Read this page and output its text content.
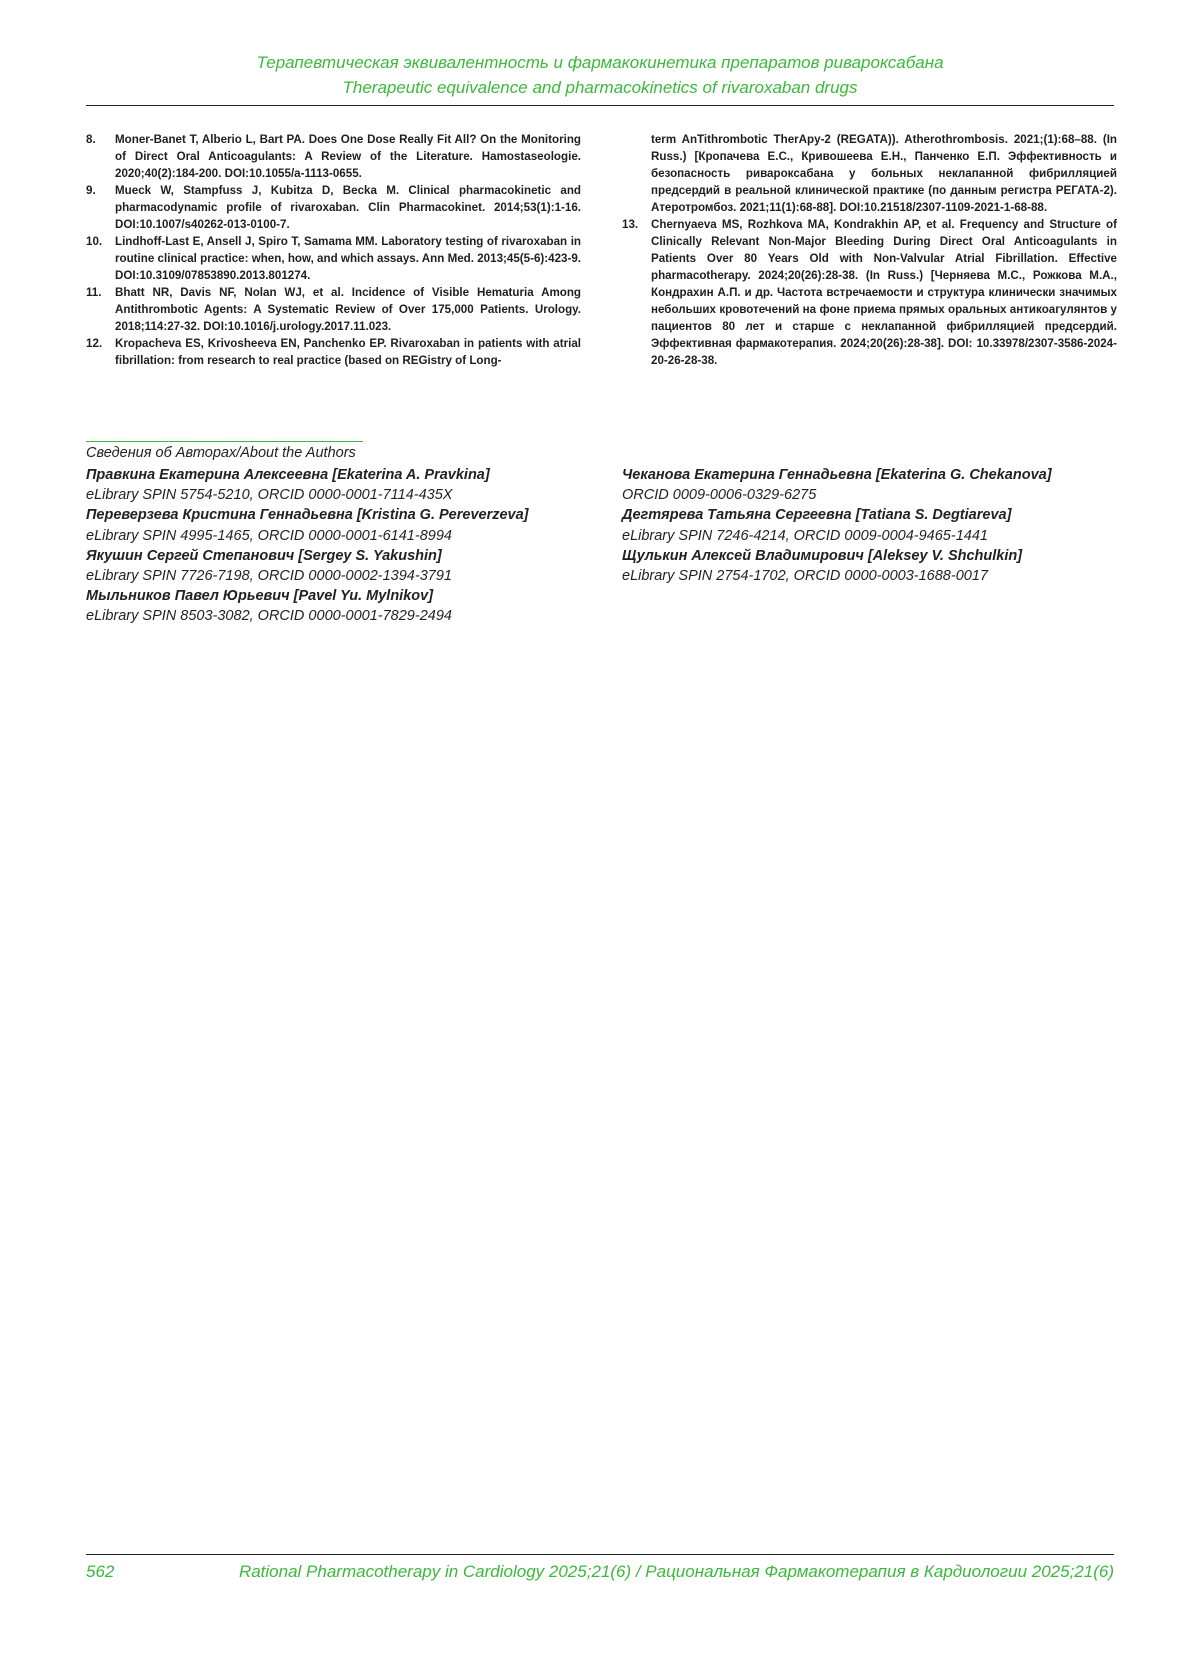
Терапевтическая эквивалентность и фармакокинетика препаратов ривароксабана
Therapeutic equivalence and pharmacokinetics of rivaroxaban drugs
8. Moner-Banet T, Alberio L, Bart PA. Does One Dose Really Fit All? On the Monitoring of Direct Oral Anticoagulants: A Review of the Literature. Hamostaseologie. 2020;40(2):184-200. DOI:10.1055/a-1113-0655.
9. Mueck W, Stampfuss J, Kubitza D, Becka M. Clinical pharmacokinetic and pharmacodynamic profile of rivaroxaban. Clin Pharmacokinet. 2014;53(1):1-16. DOI:10.1007/s40262-013-0100-7.
10. Lindhoff-Last E, Ansell J, Spiro T, Samama MM. Laboratory testing of rivaroxaban in routine clinical practice: when, how, and which assays. Ann Med. 2013;45(5-6):423-9. DOI:10.3109/07853890.2013.801274.
11. Bhatt NR, Davis NF, Nolan WJ, et al. Incidence of Visible Hematuria Among Antithrombotic Agents: A Systematic Review of Over 175,000 Patients. Urology. 2018;114:27-32. DOI:10.1016/j.urology.2017.11.023.
12. Kropacheva ES, Krivosheeva EN, Panchenko EP. Rivaroxaban in patients with atrial fibrillation: from research to real practice (based on REGistry of Long-
term AnTithrombotic TherApy-2 (REGATA)). Atherothrombosis. 2021;(1):68–88. (In Russ.) [Кропачева Е.С., Кривошеева Е.Н., Панченко Е.П. Эффективность и безопасность ривароксабана у больных неклапанной фибрилляцией предсердий в реальной клинической практике (по данным регистра РЕГАТА-2). Атеротромбоз. 2021;11(1):68-88]. DOI:10.21518/2307-1109-2021-1-68-88.
13. Chernyaeva MS, Rozhkova MA, Kondrakhin AP, et al. Frequency and Structure of Clinically Relevant Non-Major Bleeding During Direct Oral Anticoagulants in Patients Over 80 Years Old with Non-Valvular Atrial Fibrillation. Effective pharmacotherapy. 2024;20(26):28-38. (In Russ.) [Черняева М.С., Рожкова М.А., Кондрахин А.П. и др. Частота встречаемости и структура клинически значимых небольших кровотечений на фоне приема прямых оральных антикоагулянтов у пациентов 80 лет и старше с неклапанной фибрилляцией предсердий. Эффективная фармакотерапия. 2024;20(26):28-38]. DOI: 10.33978/2307-3586-2024-20-26-28-38.
Сведения об Авторах/About the Authors
Правкина Екатерина Алексеевна [Ekaterina A. Pravkina]
eLibrary SPIN 5754-5210, ORCID 0000-0001-7114-435X
Переверзева Кристина Геннадьевна [Kristina G. Pereverzeva]
eLibrary SPIN 4995-1465, ORCID 0000-0001-6141-8994
Якушин Сергей Степанович [Sergey S. Yakushin]
eLibrary SPIN 7726-7198, ORCID 0000-0002-1394-3791
Мыльников Павел Юрьевич [Pavel Yu. Mylnikov]
eLibrary SPIN 8503-3082, ORCID 0000-0001-7829-2494
Чеканова Екатерина Геннадьевна [Ekaterina G. Chekanova]
ORCID 0009-0006-0329-6275
Дегтярева Татьяна Сергеевна [Tatiana S. Degtiareva]
eLibrary SPIN 7246-4214, ORCID 0009-0004-9465-1441
Щулькин Алексей Владимирович [Aleksey V. Shchulkin]
eLibrary SPIN 2754-1702, ORCID 0000-0003-1688-0017
562	Rational Pharmacotherapy in Cardiology 2025;21(6) / Рациональная Фармакотерапия в Кардиологии 2025;21(6)
